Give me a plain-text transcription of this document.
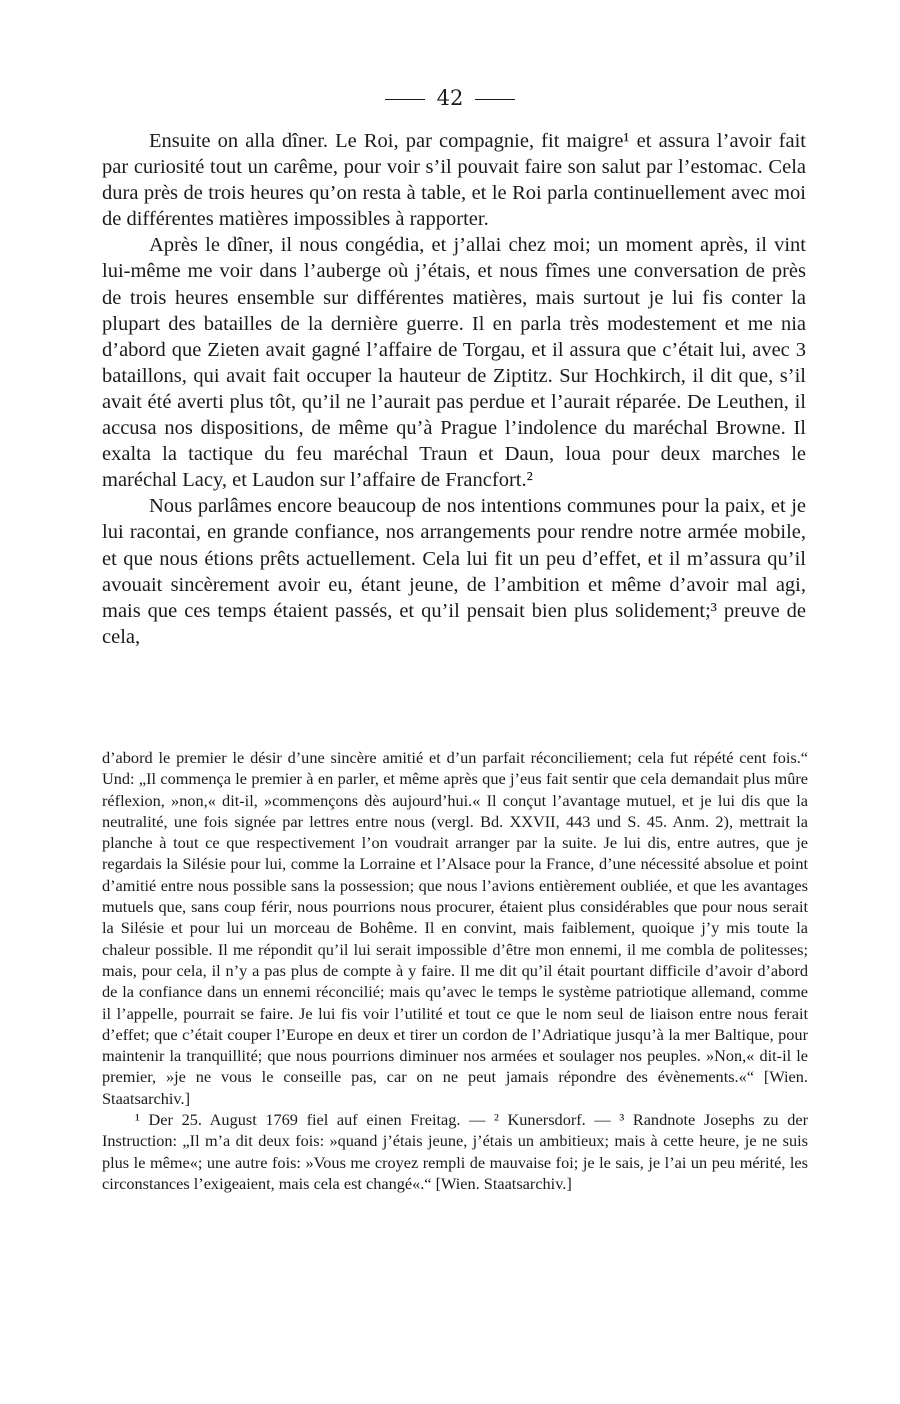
42

Ensuite on alla dîner. Le Roi, par compagnie, fit maigre¹ et assura l’avoir fait par curiosité tout un carême, pour voir s’il pouvait faire son salut par l’estomac. Cela dura près de trois heures qu’on resta à table, et le Roi parla continuellement avec moi de différentes matières impossibles à rapporter.

Après le dîner, il nous congédia, et j’allai chez moi; un moment après, il vint lui-même me voir dans l’auberge où j’étais, et nous fîmes une conversation de près de trois heures ensemble sur différentes matières, mais surtout je lui fis conter la plupart des batailles de la dernière guerre. Il en parla très modestement et me nia d’abord que Zieten avait gagné l’affaire de Torgau, et il assura que c’était lui, avec 3 bataillons, qui avait fait occuper la hauteur de Ziptitz. Sur Hochkirch, il dit que, s’il avait été averti plus tôt, qu’il ne l’aurait pas perdue et l’aurait réparée. De Leuthen, il accusa nos dispositions, de même qu’à Prague l’indolence du maréchal Browne. Il exalta la tactique du feu maréchal Traun et Daun, loua pour deux marches le maréchal Lacy, et Laudon sur l’affaire de Francfort.²

Nous parlâmes encore beaucoup de nos intentions communes pour la paix, et je lui racontai, en grande confiance, nos arrangements pour rendre notre armée mobile, et que nous étions prêts actuellement. Cela lui fit un peu d’effet, et il m’assura qu’il avouait sincèrement avoir eu, étant jeune, de l’ambition et même d’avoir mal agi, mais que ces temps étaient passés, et qu’il pensait bien plus solidement;³ preuve de cela,

d’abord le premier le désir d’une sincère amitié et d’un parfait réconciliement; cela fut répété cent fois.“ Und: „Il commença le premier à en parler, et même après que j’eus fait sentir que cela demandait plus mûre réflexion, »non,« dit-il, »commençons dès aujourd’hui.« Il conçut l’avantage mutuel, et je lui dis que la neutralité, une fois signée par lettres entre nous (vergl. Bd. XXVII, 443 und S. 45. Anm. 2), mettrait la planche à tout ce que respectivement l’on voudrait arranger par la suite. Je lui dis, entre autres, que je regardais la Silésie pour lui, comme la Lorraine et l’Alsace pour la France, d’une nécessité absolue et point d’amitié entre nous possible sans la possession; que nous l’avions entièrement oubliée, et que les avantages mutuels que, sans coup férir, nous pourrions nous procurer, étaient plus considérables que pour nous serait la Silésie et pour lui un morceau de Bohême. Il en convint, mais faiblement, quoique j’y mis toute la chaleur possible. Il me répondit qu’il lui serait impossible d’être mon ennemi, il me combla de politesses; mais, pour cela, il n’y a pas plus de compte à y faire. Il me dit qu’il était pourtant difficile d’avoir d’abord de la confiance dans un ennemi réconcilié; mais qu’avec le temps le système patriotique allemand, comme il l’appelle, pourrait se faire. Je lui fis voir l’utilité et tout ce que le nom seul de liaison entre nous ferait d’effet; que c’était couper l’Europe en deux et tirer un cordon de l’Adriatique jusqu’à la mer Baltique, pour maintenir la tranquillité; que nous pourrions diminuer nos armées et soulager nos peuples. »Non,« dit-il le premier, »je ne vous le conseille pas, car on ne peut jamais répondre des évènements.«“ [Wien. Staatsarchiv.]

¹ Der 25. August 1769 fiel auf einen Freitag. — ² Kunersdorf. — ³ Randnote Josephs zu der Instruction: „Il m’a dit deux fois: »quand j’étais jeune, j’étais un ambitieux; mais à cette heure, je ne suis plus le même«; une autre fois: »Vous me croyez rempli de mauvaise foi; je le sais, je l’ai un peu mérité, les circonstances l’exigeaient, mais cela est changé«.“ [Wien. Staatsarchiv.]
